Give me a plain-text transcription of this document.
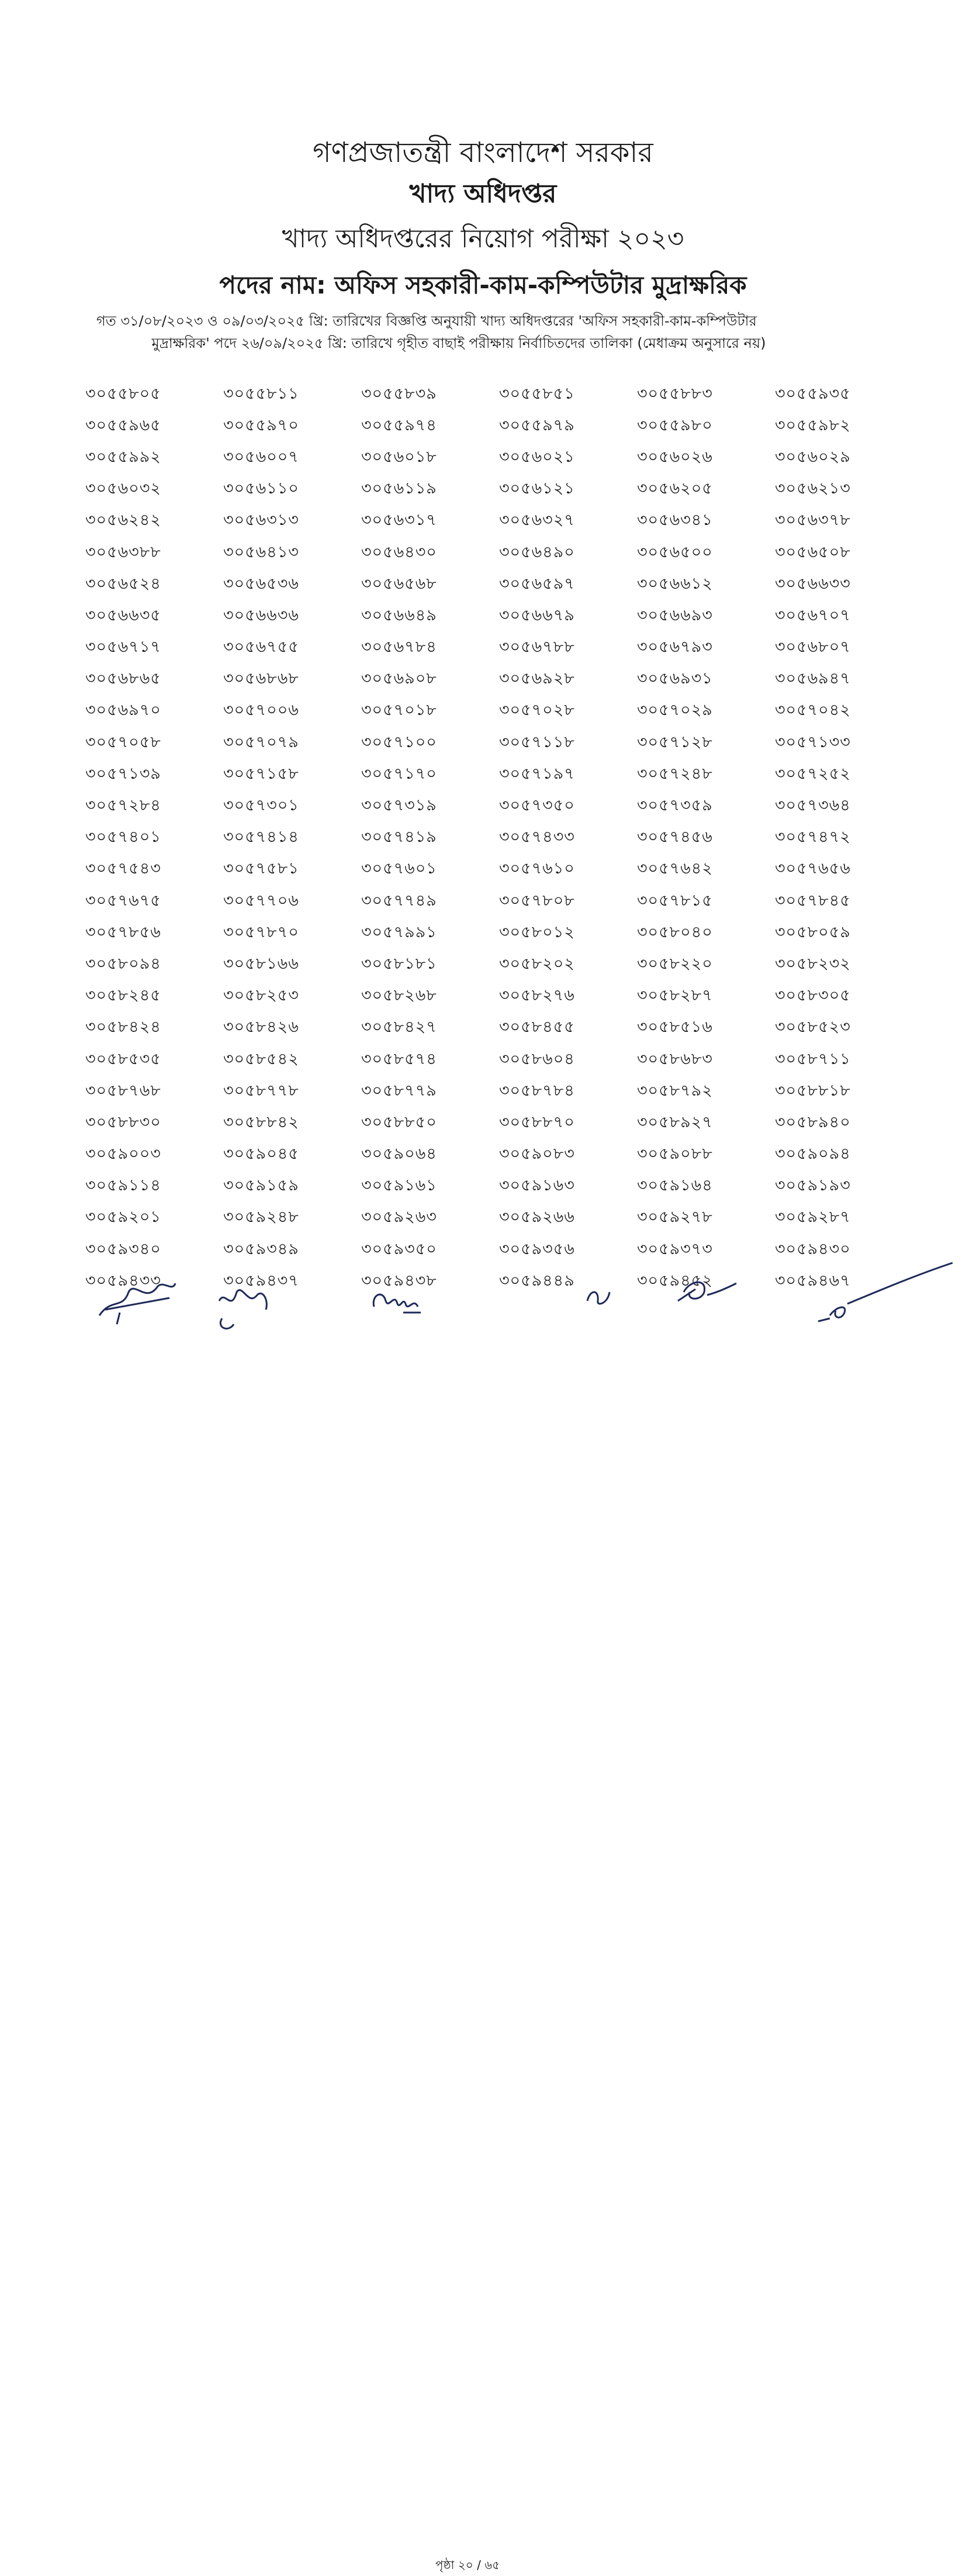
গণপ্রজাতন্ত্রী বাংলাদেশ সরকার
খাদ্য অধিদপ্তর
খাদ্য অধিদপ্তরের নিয়োগ পরীক্ষা ২০২৩
পদের নাম: অফিস সহকারী-কাম-কম্পিউটার মুদ্রাক্ষরিক
গত ৩১/০৮/২০২৩ ও ০৯/০৩/২০২৫ খ্রি: তারিখের বিজ্ঞপ্তি অনুযায়ী খাদ্য অধিদপ্তরের 'অফিস সহকারী-কাম-কম্পিউটার
মুদ্রাক্ষরিক' পদে ২৬/০৯/২০২৫ খ্রি: তারিখে গৃহীত বাছাই পরীক্ষায় নির্বাচিতদের তালিকা (মেধাক্রম অনুসারে নয়)
৩০৫৫৮০৫	৩০৫৫৮১১	৩০৫৫৮৩৯	৩০৫৫৮৫১	৩০৫৫৮৮৩	৩০৫৫৯৩৫
৩০৫৫৯৬৫	৩০৫৫৯৭০	৩০৫৫৯৭৪	৩০৫৫৯৭৯	৩০৫৫৯৮০	৩০৫৫৯৮২
৩০৫৫৯৯২	৩০৫৬০০৭	৩০৫৬০১৮	৩০৫৬০২১	৩০৫৬০২৬	৩০৫৬০২৯
৩০৫৬০৩২	৩০৫৬১১০	৩০৫৬১১৯	৩০৫৬১২১	৩০৫৬২০৫	৩০৫৬২১৩
৩০৫৬২৪২	৩০৫৬৩১৩	৩০৫৬৩১৭	৩০৫৬৩২৭	৩০৫৬৩৪১	৩০৫৬৩৭৮
৩০৫৬৩৮৮	৩০৫৬৪১৩	৩০৫৬৪৩০	৩০৫৬৪৯০	৩০৫৬৫০০	৩০৫৬৫০৮
৩০৫৬৫২৪	৩০৫৬৫৩৬	৩০৫৬৫৬৮	৩০৫৬৫৯৭	৩০৫৬৬১২	৩০৫৬৬৩৩
৩০৫৬৬৩৫	৩০৫৬৬৩৬	৩০৫৬৬৪৯	৩০৫৬৬৭৯	৩০৫৬৬৯৩	৩০৫৬৭০৭
৩০৫৬৭১৭	৩০৫৬৭৫৫	৩০৫৬৭৮৪	৩০৫৬৭৮৮	৩০৫৬৭৯৩	৩০৫৬৮০৭
৩০৫৬৮৬৫	৩০৫৬৮৬৮	৩০৫৬৯০৮	৩০৫৬৯২৮	৩০৫৬৯৩১	৩০৫৬৯৪৭
৩০৫৬৯৭০	৩০৫৭০০৬	৩০৫৭০১৮	৩০৫৭০২৮	৩০৫৭০২৯	৩০৫৭০৪২
৩০৫৭০৫৮	৩০৫৭০৭৯	৩০৫৭১০০	৩০৫৭১১৮	৩০৫৭১২৮	৩০৫৭১৩৩
৩০৫৭১৩৯	৩০৫৭১৫৮	৩০৫৭১৭০	৩০৫৭১৯৭	৩০৫৭২৪৮	৩০৫৭২৫২
৩০৫৭২৮৪	৩০৫৭৩০১	৩০৫৭৩১৯	৩০৫৭৩৫০	৩০৫৭৩৫৯	৩০৫৭৩৬৪
৩০৫৭৪০১	৩০৫৭৪১৪	৩০৫৭৪১৯	৩০৫৭৪৩৩	৩০৫৭৪৫৬	৩০৫৭৪৭২
৩০৫৭৫৪৩	৩০৫৭৫৮১	৩০৫৭৬০১	৩০৫৭৬১০	৩০৫৭৬৪২	৩০৫৭৬৫৬
৩০৫৭৬৭৫	৩০৫৭৭০৬	৩০৫৭৭৪৯	৩০৫৭৮০৮	৩০৫৭৮১৫	৩০৫৭৮৪৫
৩০৫৭৮৫৬	৩০৫৭৮৭০	৩০৫৭৯৯১	৩০৫৮০১২	৩০৫৮০৪০	৩০৫৮০৫৯
৩০৫৮০৯৪	৩০৫৮১৬৬	৩০৫৮১৮১	৩০৫৮২০২	৩০৫৮২২০	৩০৫৮২৩২
৩০৫৮২৪৫	৩০৫৮২৫৩	৩০৫৮২৬৮	৩০৫৮২৭৬	৩০৫৮২৮৭	৩০৫৮৩০৫
৩০৫৮৪২৪	৩০৫৮৪২৬	৩০৫৮৪২৭	৩০৫৮৪৫৫	৩০৫৮৫১৬	৩০৫৮৫২৩
৩০৫৮৫৩৫	৩০৫৮৫৪২	৩০৫৮৫৭৪	৩০৫৮৬০৪	৩০৫৮৬৮৩	৩০৫৮৭১১
৩০৫৮৭৬৮	৩০৫৮৭৭৮	৩০৫৮৭৭৯	৩০৫৮৭৮৪	৩০৫৮৭৯২	৩০৫৮৮১৮
৩০৫৮৮৩০	৩০৫৮৮৪২	৩০৫৮৮৫০	৩০৫৮৮৭০	৩০৫৮৯২৭	৩০৫৮৯৪০
৩০৫৯০০৩	৩০৫৯০৪৫	৩০৫৯০৬৪	৩০৫৯০৮৩	৩০৫৯০৮৮	৩০৫৯০৯৪
৩০৫৯১১৪	৩০৫৯১৫৯	৩০৫৯১৬১	৩০৫৯১৬৩	৩০৫৯১৬৪	৩০৫৯১৯৩
৩০৫৯২০১	৩০৫৯২৪৮	৩০৫৯২৬৩	৩০৫৯২৬৬	৩০৫৯২৭৮	৩০৫৯২৮৭
৩০৫৯৩৪০	৩০৫৯৩৪৯	৩০৫৯৩৫০	৩০৫৯৩৫৬	৩০৫৯৩৭৩	৩০৫৯৪৩০
৩০৫৯৪৩৩	৩০৫৯৪৩৭	৩০৫৯৪৩৮	৩০৫৯৪৪৯	৩০৫৯৪৫২	৩০৫৯৪৬৭
পৃষ্ঠা ২০ / ৬৫
